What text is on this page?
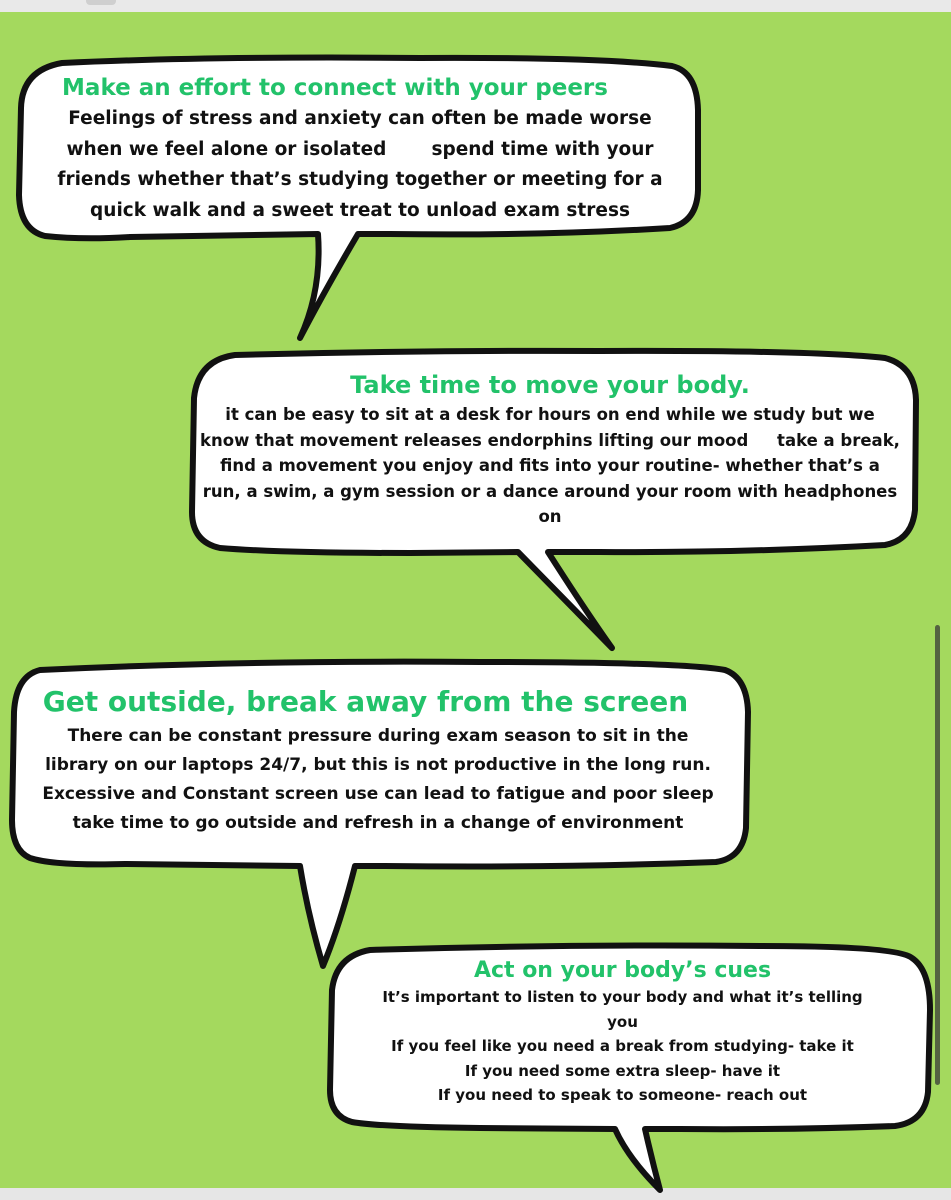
Make an effort to connect with your peers

Feelings of stress and anxiety can often be made worse

when we feel alone or isolated       spend time with your

friends whether that’s studying together or meeting for a

quick walk and a sweet treat to unload exam stress

Take time to move your body.

it can be easy to sit at a desk for hours on end while we study but we

know that movement releases endorphins lifting our mood     take a break,

find a movement you enjoy and fits into your routine- whether that’s a

run, a swim, a gym session or a dance around your room with headphones

on

Get outside, break away from the screen

There can be constant pressure during exam season to sit in the

library on our laptops 24/7, but this is not productive in the long run.

Excessive and Constant screen use can lead to fatigue and poor sleep

take time to go outside and refresh in a change of environment

Act on your body’s cues

It’s important to listen to your body and what it’s telling

you

If you feel like you need a break from studying- take it

If you need some extra sleep- have it

If you need to speak to someone- reach out
